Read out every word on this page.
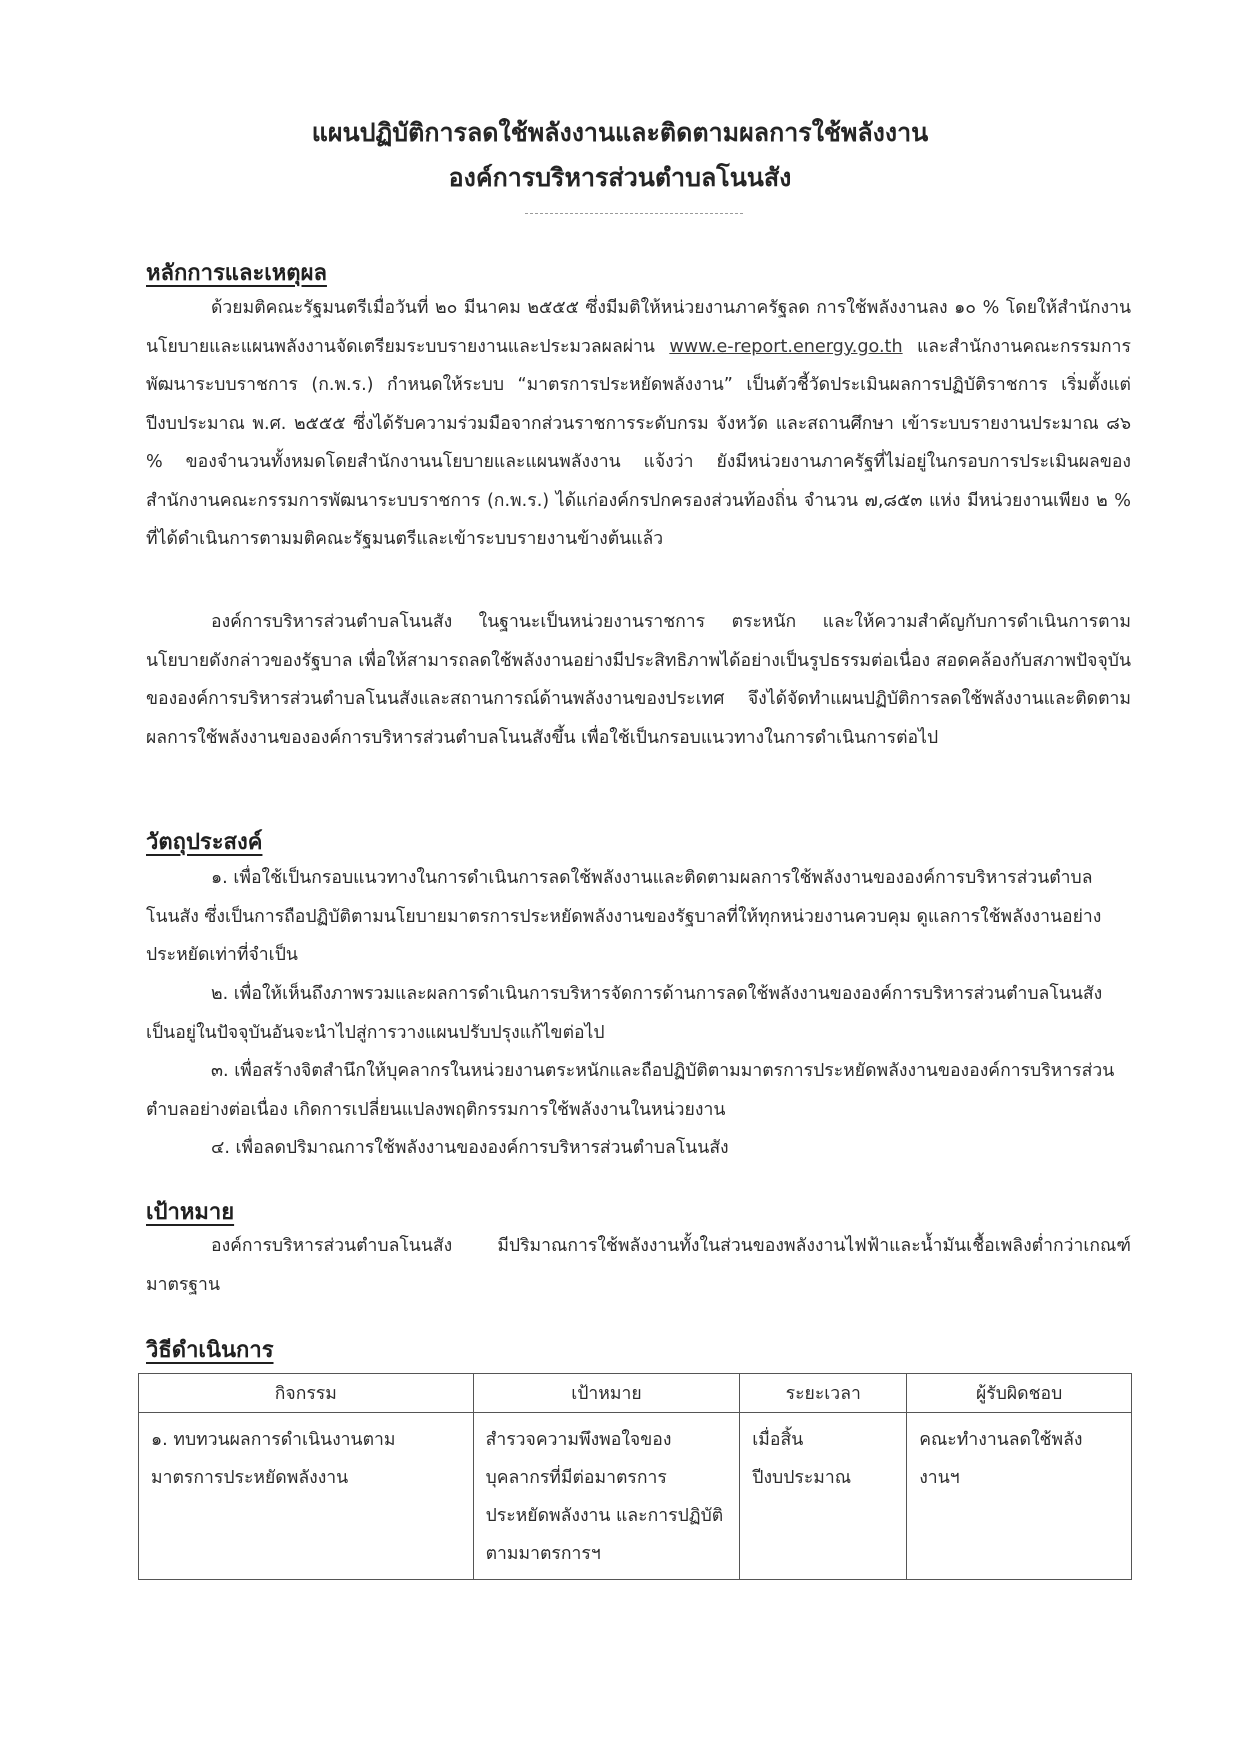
แผนปฏิบัติการลดใช้พลังงานและติดตามผลการใช้พลังงาน
องค์การบริหารส่วนตำบลโนนสัง
หลักการและเหตุผล
ด้วยมติคณะรัฐมนตรีเมื่อวันที่ ๒๐ มีนาคม ๒๕๕๕ ซึ่งมีมติให้หน่วยงานภาครัฐลด การใช้พลังงานลง ๑๐ % โดยให้สำนักงานนโยบายและแผนพลังงานจัดเตรียมระบบรายงานและประมวลผลผ่าน www.e-report.energy.go.th และสำนักงานคณะกรรมการพัฒนาระบบราชการ (ก.พ.ร.) กำหนดให้ระบบ “มาตรการประหยัดพลังงาน” เป็นตัวชี้วัดประเมินผลการปฏิบัติราชการ เริ่มตั้งแต่ปีงบประมาณ พ.ศ. ๒๕๕๕ ซึ่งได้รับความร่วมมือจากส่วนราชการระดับกรม จังหวัด และสถานศึกษา เข้าระบบรายงานประมาณ ๘๖ % ของจำนวนทั้งหมดโดยสำนักงานนโยบายและแผนพลังงาน แจ้งว่า ยังมีหน่วยงานภาครัฐที่ไม่อยู่ในกรอบการประเมินผลของสำนักงานคณะกรรมการพัฒนาระบบราชการ (ก.พ.ร.) ได้แก่องค์กรปกครองส่วนท้องถิ่น จำนวน ๗,๘๕๓ แห่ง มีหน่วยงานเพียง ๒ % ที่ได้ดำเนินการตามมติคณะรัฐมนตรีและเข้าระบบรายงานข้างต้นแล้ว
องค์การบริหารส่วนตำบลโนนสัง ในฐานะเป็นหน่วยงานราชการ ตระหนัก และให้ความสำคัญกับการดำเนินการตามนโยบายดังกล่าวของรัฐบาล เพื่อให้สามารถลดใช้พลังงานอย่างมีประสิทธิภาพได้อย่างเป็นรูปธรรมต่อเนื่อง สอดคล้องกับสภาพปัจจุบันขององค์การบริหารส่วนตำบลโนนสังและสถานการณ์ด้านพลังงานของประเทศ จึงได้จัดทำแผนปฏิบัติการลดใช้พลังงานและติดตามผลการใช้พลังงานขององค์การบริหารส่วนตำบลโนนสังขึ้น เพื่อใช้เป็นกรอบแนวทางในการดำเนินการต่อไป
วัตถุประสงค์
๑. เพื่อใช้เป็นกรอบแนวทางในการดำเนินการลดใช้พลังงานและติดตามผลการใช้พลังงานขององค์การบริหารส่วนตำบลโนนสัง ซึ่งเป็นการถือปฏิบัติตามนโยบายมาตรการประหยัดพลังงานของรัฐบาลที่ให้ทุกหน่วยงานควบคุม ดูแลการใช้พลังงานอย่างประหยัดเท่าที่จำเป็น
๒. เพื่อให้เห็นถึงภาพรวมและผลการดำเนินการบริหารจัดการด้านการลดใช้พลังงานขององค์การบริหารส่วนตำบลโนนสังเป็นอยู่ในปัจจุบันอันจะนำไปสู่การวางแผนปรับปรุงแก้ไขต่อไป
๓. เพื่อสร้างจิตสำนึกให้บุคลากรในหน่วยงานตระหนักและถือปฏิบัติตามมาตรการประหยัดพลังงานขององค์การบริหารส่วนตำบลอย่างต่อเนื่อง เกิดการเปลี่ยนแปลงพฤติกรรมการใช้พลังงานในหน่วยงาน
๔. เพื่อลดปริมาณการใช้พลังงานขององค์การบริหารส่วนตำบลโนนสัง
เป้าหมาย
องค์การบริหารส่วนตำบลโนนสัง มีปริมาณการใช้พลังงานทั้งในส่วนของพลังงานไฟฟ้าและน้ำมันเชื้อเพลิงต่ำกว่าเกณฑ์มาตรฐาน
วิธีดำเนินการ
กิจกรรม	เป้าหมาย	ระยะเวลา	ผู้รับผิดชอบ
๑. ทบทวนผลการดำเนินงานตามมาตรการประหยัดพลังงาน	สำรวจความพึงพอใจของบุคลากรที่มีต่อมาตรการประหยัดพลังงาน และการปฏิบัติตามมาตรการฯ	เมื่อสิ้นปีงบประมาณ	คณะทำงานลดใช้พลังงานฯ
